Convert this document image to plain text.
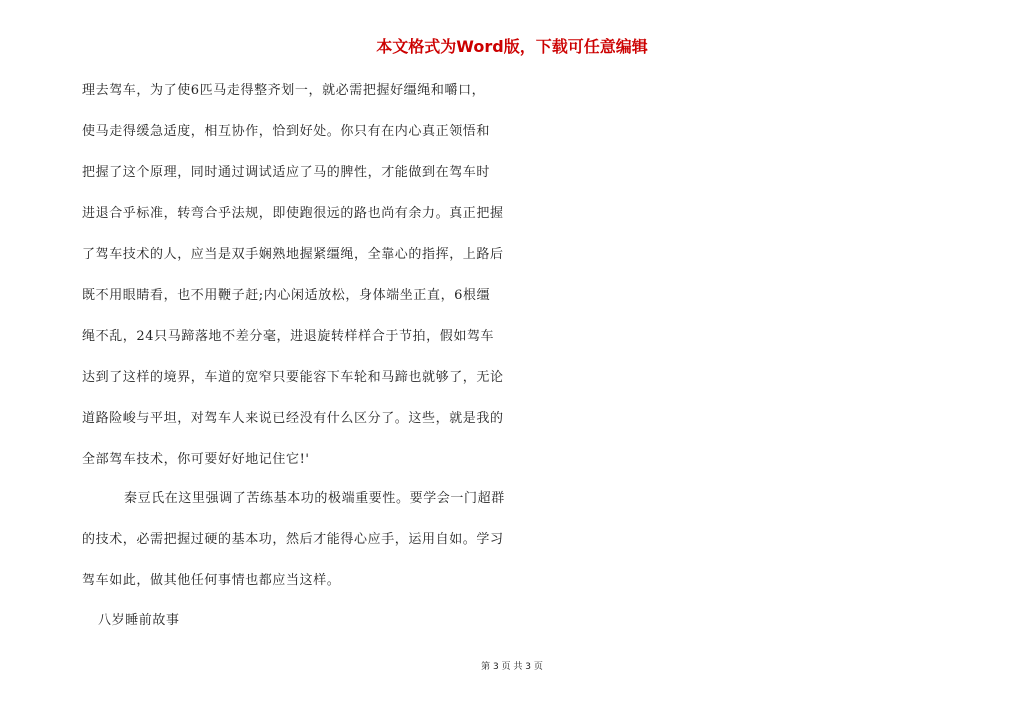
本文格式为Word版，下载可任意编辑
理去驾车，为了使6匹马走得整齐划一，就必需把握好缰绳和嚼口，
使马走得缓急适度，相互协作，恰到好处。你只有在内心真正领悟和
把握了这个原理，同时通过调试适应了马的脾性，才能做到在驾车时
进退合乎标准，转弯合乎法规，即使跑很远的路也尚有余力。真正把握
了驾车技术的人，应当是双手娴熟地握紧缰绳，全靠心的指挥，上路后
既不用眼睛看，也不用鞭子赶;内心闲适放松，身体端坐正直，6根缰
绳不乱，24只马蹄落地不差分毫，进退旋转样样合于节拍，假如驾车
达到了这样的境界，车道的宽窄只要能容下车轮和马蹄也就够了，无论
道路险峻与平坦，对驾车人来说已经没有什么区分了。这些，就是我的
全部驾车技术，你可要好好地记住它!'
秦豆氏在这里强调了苦练基本功的极端重要性。要学会一门超群
的技术，必需把握过硬的基本功，然后才能得心应手，运用自如。学习
驾车如此，做其他任何事情也都应当这样。
八岁睡前故事
第 3 页 共 3 页
